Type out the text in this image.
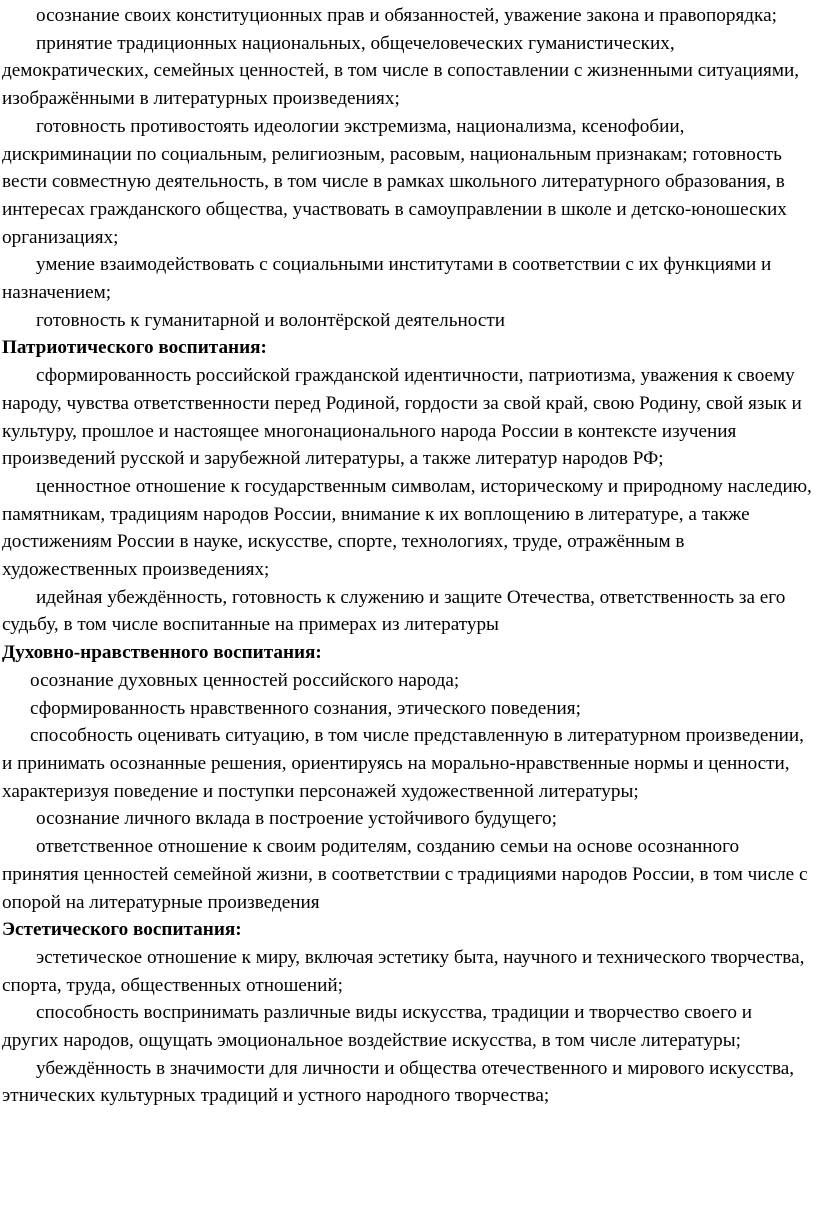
осознание своих конституционных прав и обязанностей, уважение закона и правопорядка;

принятие традиционных национальных, общечеловеческих гуманистических, демократических, семейных ценностей, в том числе в сопоставлении с жизненными ситуациями, изображёнными в литературных произведениях;

готовность противостоять идеологии экстремизма, национализма, ксенофобии, дискриминации по социальным, религиозным, расовым, национальным признакам; готовность вести совместную деятельность, в том числе в рамках школьного литературного образования, в интересах гражданского общества, участвовать в самоуправлении в школе и детско-юношеских организациях;

умение взаимодействовать с социальными институтами в соответствии с их функциями и назначением;

готовность к гуманитарной и волонтёрской деятельности

Патриотического воспитания:

сформированность российской гражданской идентичности, патриотизма, уважения к своему народу, чувства ответственности перед Родиной, гордости за свой край, свою Родину, свой язык и культуру, прошлое и настоящее многонационального народа России в контексте изучения произведений русской и зарубежной литературы, а также литератур народов РФ;

ценностное отношение к государственным символам, историческому и природному наследию, памятникам, традициям народов России, внимание к их воплощению в литературе, а также достижениям России в науке, искусстве, спорте, технологиях, труде, отражённым в художественных произведениях;

идейная убеждённость, готовность к служению и защите Отечества, ответственность за его судьбу, в том числе воспитанные на примерах из литературы

Духовно-нравственного воспитания:

осознание духовных ценностей российского народа;

сформированность нравственного сознания, этического поведения;

способность оценивать ситуацию, в том числе представленную в литературном произведении, и принимать осознанные решения, ориентируясь на морально-нравственные нормы и ценности, характеризуя поведение и поступки персонажей художественной литературы;

осознание личного вклада в построение устойчивого будущего;

ответственное отношение к своим родителям, созданию семьи на основе осознанного принятия ценностей семейной жизни, в соответствии с традициями народов России, в том числе с опорой на литературные произведения

Эстетического воспитания:

эстетическое отношение к миру, включая эстетику быта, научного и технического творчества, спорта, труда, общественных отношений;

способность воспринимать различные виды искусства, традиции и творчество своего и других народов, ощущать эмоциональное воздействие искусства, в том числе литературы;

убеждённость в значимости для личности и общества отечественного и мирового искусства, этнических культурных традиций и устного народного творчества;
